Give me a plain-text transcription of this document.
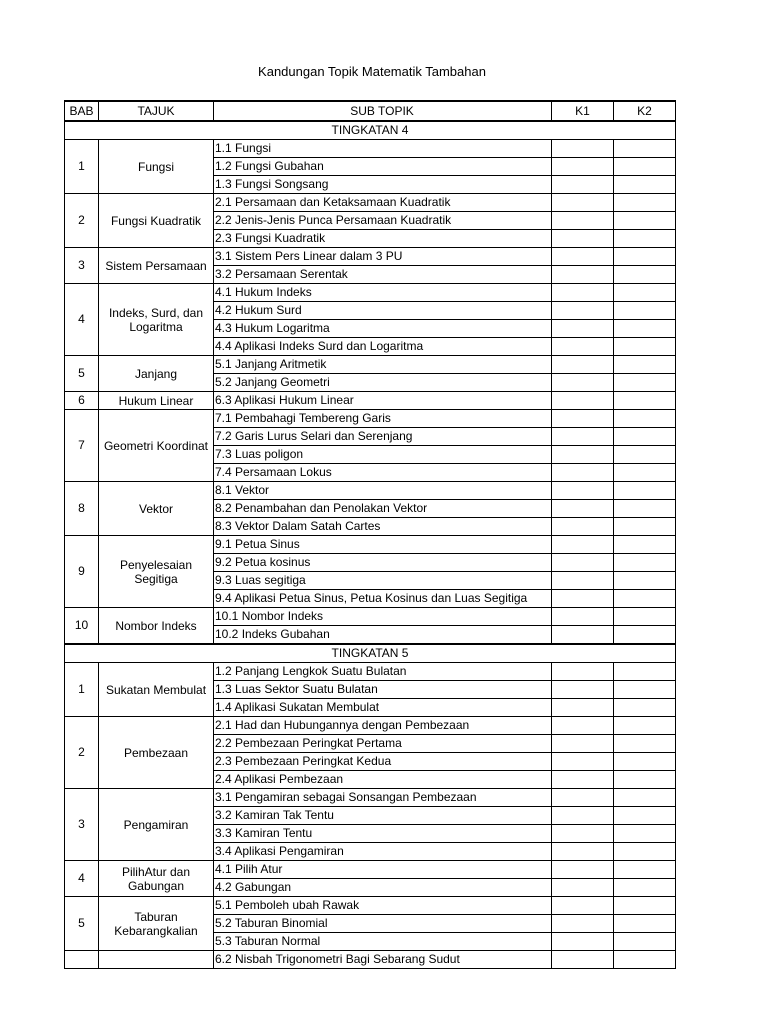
Kandungan Topik Matematik Tambahan
BAB	TAJUK	SUB TOPIK	K1	K2
TINGKATAN 4				
1	Fungsi	1.1 Fungsi		
		1.2 Fungsi Gubahan		
		1.3 Fungsi Songsang		
2	Fungsi Kuadratik	2.1 Persamaan dan Ketaksamaan Kuadratik		
		2.2 Jenis-Jenis Punca Persamaan Kuadratik		
		2.3 Fungsi Kuadratik		
3	Sistem Persamaan	3.1 Sistem Pers Linear dalam 3 PU		
		3.2 Persamaan Serentak		
4	Indeks, Surd, dan Logaritma	4.1 Hukum Indeks		
		4.2 Hukum Surd		
		4.3 Hukum Logaritma		
		4.4 Aplikasi Indeks Surd dan Logaritma		
5	Janjang	5.1 Janjang Aritmetik		
		5.2 Janjang Geometri		
6	Hukum Linear	6.3 Aplikasi Hukum Linear		
7	Geometri Koordinat	7.1 Pembahagi Tembereng Garis		
		7.2 Garis Lurus Selari dan Serenjang		
		7.3 Luas poligon		
		7.4 Persamaan Lokus		
8	Vektor	8.1 Vektor		
		8.2 Penambahan dan Penolakan Vektor		
		8.3 Vektor Dalam Satah Cartes		
9	Penyelesaian Segitiga	9.1 Petua Sinus		
		9.2 Petua kosinus		
		9.3 Luas segitiga		
		9.4 Aplikasi Petua Sinus, Petua Kosinus dan Luas Segitiga		
10	Nombor Indeks	10.1 Nombor Indeks		
		10.2 Indeks Gubahan		
TINGKATAN 5				
1	Sukatan Membulat	1.2 Panjang Lengkok Suatu Bulatan		
		1.3 Luas Sektor Suatu Bulatan		
		1.4 Aplikasi Sukatan Membulat		
2	Pembezaan	2.1 Had dan Hubungannya dengan Pembezaan		
		2.2 Pembezaan Peringkat Pertama		
		2.3 Pembezaan Peringkat Kedua		
		2.4 Aplikasi Pembezaan		
3	Pengamiran	3.1 Pengamiran sebagai Sonsangan Pembezaan		
		3.2 Kamiran Tak Tentu		
		3.3 Kamiran Tentu		
		3.4 Aplikasi Pengamiran		
4	PilihAtur dan Gabungan	4.1 Pilih Atur		
		4.2 Gabungan		
5	Taburan Kebarangkalian	5.1 Pemboleh ubah Rawak		
		5.2 Taburan Binomial		
		5.3 Taburan Normal		
		6.2 Nisbah Trigonometri Bagi Sebarang Sudut		
